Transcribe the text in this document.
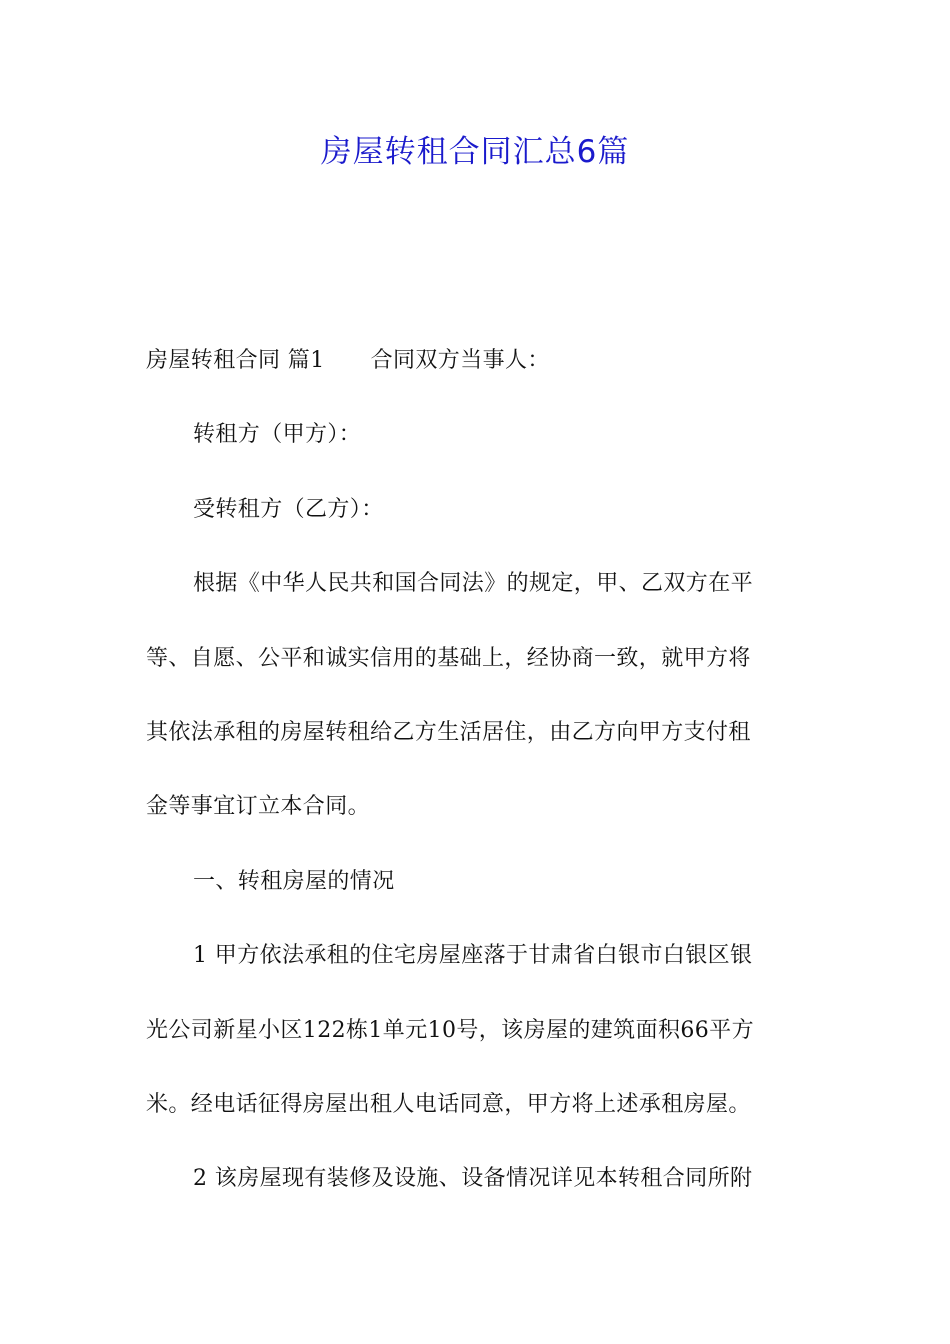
房屋转租合同汇总6篇
房屋转租合同 篇1 合同双方当事人：
转租方（甲方）：
受转租方（乙方）：
根据《中华人民共和国合同法》的规定，甲、乙双方在平
等、自愿、公平和诚实信用的基础上，经协商一致，就甲方将
其依法承租的房屋转租给乙方生活居住，由乙方向甲方支付租
金等事宜订立本合同。
一、转租房屋的情况
1 甲方依法承租的住宅房屋座落于甘肃省白银市白银区银
光公司新星小区122栋1单元10号，该房屋的建筑面积66平方
米。经电话征得房屋出租人电话同意，甲方将上述承租房屋。
2 该房屋现有装修及设施、设备情况详见本转租合同所附
